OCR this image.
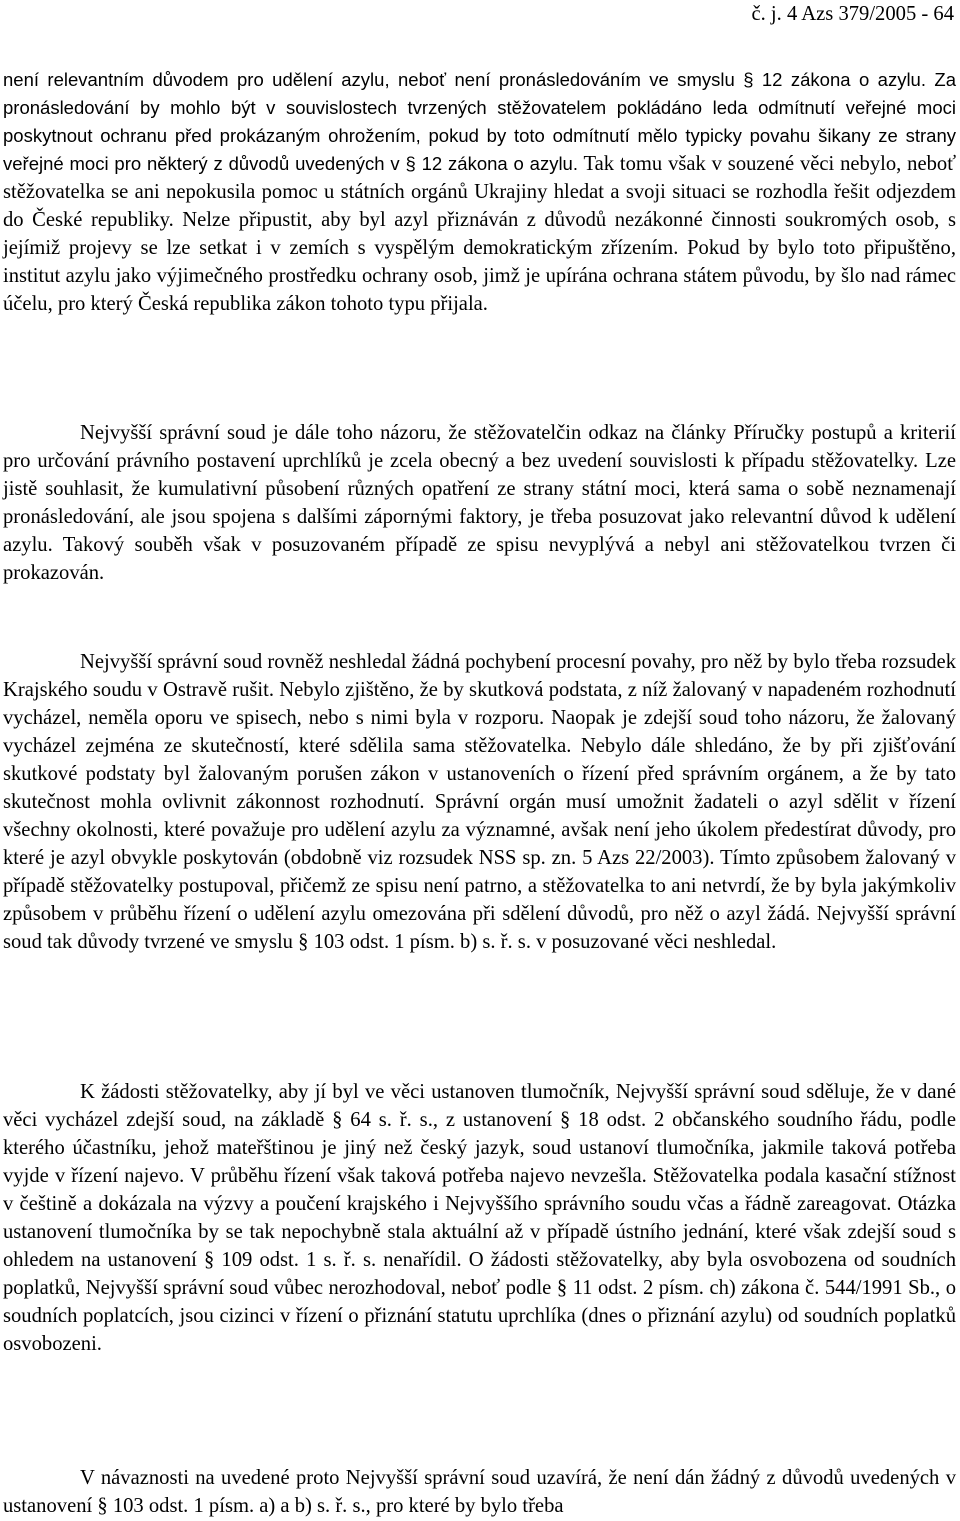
č. j. 4 Azs 379/2005 - 64

není relevantním důvodem pro udělení azylu, neboť není pronásledováním ve smyslu § 12 zákona o azylu. Za pronásledování by mohlo být v souvislostech tvrzených stěžovatelem pokládáno leda odmítnutí veřejné moci poskytnout ochranu před prokázaným ohrožením, pokud by toto odmítnutí mělo typicky povahu šikany ze strany veřejné moci pro některý z důvodů uvedených v § 12 zákona o azylu. Tak tomu však v souzené věci nebylo, neboť stěžovatelka se ani nepokusila pomoc u státních orgánů Ukrajiny hledat a svoji situaci se rozhodla řešit odjezdem do České republiky. Nelze připustit, aby byl azyl přiznáván z důvodů nezákonné činnosti soukromých osob, s jejímiž projevy se lze setkat i v zemích s vyspělým demokratickým zřízením. Pokud by bylo toto připuštěno, institut azylu jako výjimečného prostředku ochrany osob, jimž je upírána ochrana státem původu, by šlo nad rámec účelu, pro který Česká republika zákon tohoto typu přijala.

Nejvyšší správní soud je dále toho názoru, že stěžovatelčin odkaz na články Příručky postupů a kriterií pro určování právního postavení uprchlíků je zcela obecný a bez uvedení souvislosti k případu stěžovatelky. Lze jistě souhlasit, že kumulativní působení různých opatření ze strany státní moci, která sama o sobě neznamenají pronásledování, ale jsou spojena s dalšími zápornými faktory, je třeba posuzovat jako relevantní důvod k udělení azylu. Takový souběh však v posuzovaném případě ze spisu nevyplývá a nebyl ani stěžovatelkou tvrzen či prokazován.

Nejvyšší správní soud rovněž neshledal žádná pochybení procesní povahy, pro něž by bylo třeba rozsudek Krajského soudu v Ostravě rušit. Nebylo zjištěno, že by skutková podstata, z níž žalovaný v napadeném rozhodnutí vycházel, neměla oporu ve spisech, nebo s nimi byla v rozporu. Naopak je zdejší soud toho názoru, že žalovaný vycházel zejména ze skutečností, které sdělila sama stěžovatelka. Nebylo dále shledáno, že by při zjišťování skutkové podstaty byl žalovaným porušen zákon v ustanoveních o řízení před správním orgánem, a že by tato skutečnost mohla ovlivnit zákonnost rozhodnutí. Správní orgán musí umožnit žadateli o azyl sdělit v řízení všechny okolnosti, které považuje pro udělení azylu za významné, avšak není jeho úkolem předestírat důvody, pro které je azyl obvykle poskytován (obdobně viz rozsudek NSS sp. zn. 5 Azs 22/2003). Tímto způsobem žalovaný v případě stěžovatelky postupoval, přičemž ze spisu není patrno, a stěžovatelka to ani netvrdí, že by byla jakýmkoliv způsobem v průběhu řízení o udělení azylu omezována při sdělení důvodů, pro něž o azyl žádá. Nejvyšší správní soud tak důvody tvrzené ve smyslu § 103 odst. 1 písm. b) s. ř. s. v posuzované věci neshledal.

K žádosti stěžovatelky, aby jí byl ve věci ustanoven tlumočník, Nejvyšší správní soud sděluje, že v dané věci vycházel zdejší soud, na základě § 64 s. ř. s., z ustanovení § 18 odst. 2 občanského soudního řádu, podle kterého účastníku, jehož mateřštinou je jiný než český jazyk, soud ustanoví tlumočníka, jakmile taková potřeba vyjde v řízení najevo. V průběhu řízení však taková potřeba najevo nevzešla. Stěžovatelka podala kasační stížnost v češtině a dokázala na výzvy a poučení krajského i Nejvyššího správního soudu včas a řádně zareagovat. Otázka ustanovení tlumočníka by se tak nepochybně stala aktuální až v případě ústního jednání, které však zdejší soud s ohledem na ustanovení § 109 odst. 1 s. ř. s. nenařídil. O žádosti stěžovatelky, aby byla osvobozena od soudních poplatků, Nejvyšší správní soud vůbec nerozhodoval, neboť podle § 11 odst. 2 písm. ch) zákona č. 544/1991 Sb., o soudních poplatcích, jsou cizinci v řízení o přiznání statutu uprchlíka (dnes o přiznání azylu) od soudních poplatků osvobozeni.

V návaznosti na uvedené proto Nejvyšší správní soud uzavírá, že není dán žádný z důvodů uvedených v ustanovení § 103 odst. 1 písm. a) a b) s. ř. s., pro které by bylo třeba
